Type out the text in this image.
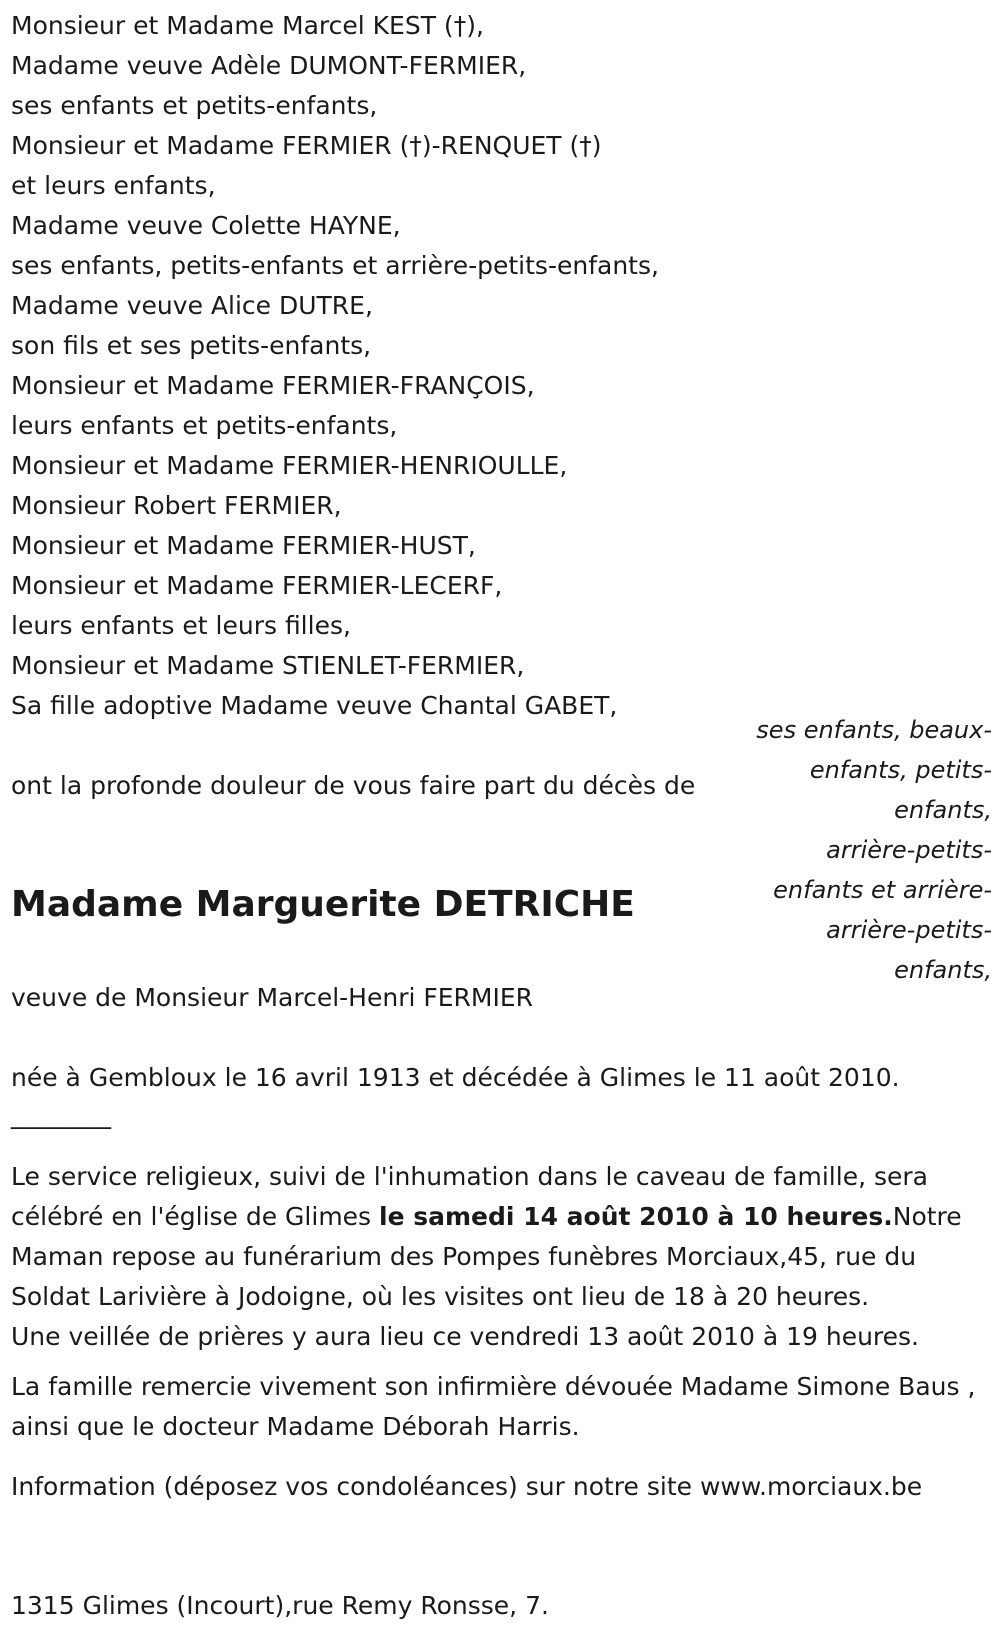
Monsieur et Madame Marcel KEST (†),
Madame veuve Adèle DUMONT-FERMIER,
ses enfants et petits-enfants,
Monsieur et Madame FERMIER (†)-RENQUET (†)
et leurs enfants,
Madame veuve Colette HAYNE,
ses enfants, petits-enfants et arrière-petits-enfants,
Madame veuve Alice DUTRE,
son fils et ses petits-enfants,
Monsieur et Madame FERMIER-FRANÇOIS,
leurs enfants et petits-enfants,
Monsieur et Madame FERMIER-HENRIOULLE,
Monsieur Robert FERMIER,
Monsieur et Madame FERMIER-HUST,
Monsieur et Madame FERMIER-LECERF,
leurs enfants et leurs filles,
Monsieur et Madame STIENLET-FERMIER,
Sa fille adoptive Madame veuve Chantal GABET,
ses enfants, beaux-
enfants, petits-
enfants,
arrière-petits-
enfants et arrière-
arrière-petits-
enfants,
ont la profonde douleur de vous faire part du décès de
Madame Marguerite DETRICHE
veuve de Monsieur Marcel-Henri FERMIER
née à Gembloux le 16 avril 1913 et décédée à Glimes le 11 août 2010.
________
Le service religieux, suivi de l'inhumation dans le caveau de famille, sera célébré en l'église de Glimes le samedi 14 août 2010 à 10 heures.Notre Maman repose au funérarium des Pompes funèbres Morciaux,45, rue du Soldat Larivière à Jodoigne, où les visites ont lieu de 18 à 20 heures.
Une veillée de prières y aura lieu ce vendredi 13 août 2010 à 19 heures.
La famille remercie vivement son infirmière dévouée Madame Simone Baus , ainsi que le docteur Madame Déborah Harris.
Information (déposez vos condoléances) sur notre site www.morciaux.be
1315 Glimes (Incourt),rue Remy Ronsse, 7.
